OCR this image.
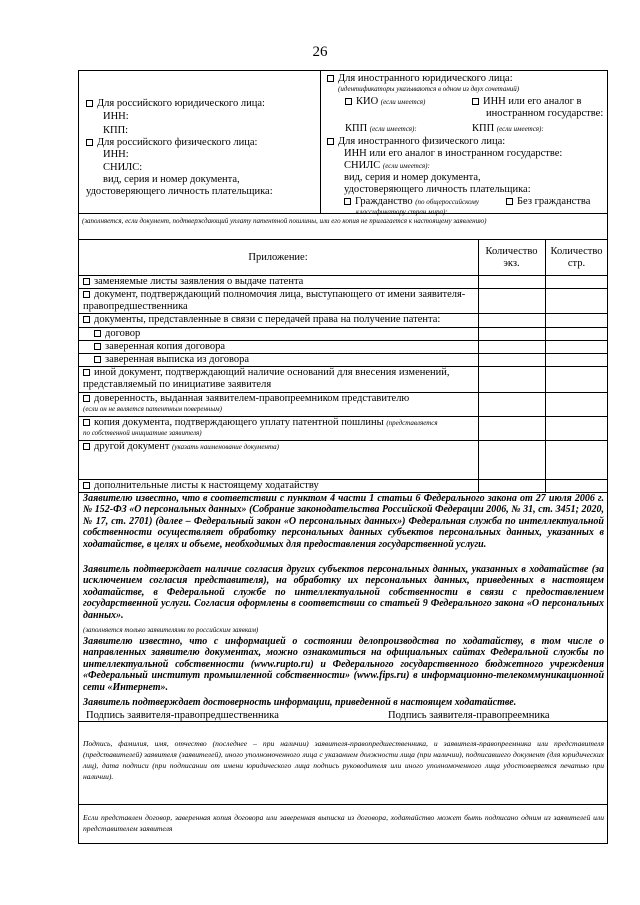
26
Для российского юридического лица:
ИНН:
КПП:
Для российского физического лица:
ИНН:
СНИЛС:
вид, серия и номер документа,
удостоверяющего личность плательщика:
Для иностранного юридического лица:
(идентификаторы указываются в одном из двух сочетаний)
КИО (если имеется)	ИНН или его аналог в
иностранном государстве:
КПП (если имеется):	КПП (если имеется):
Для иностранного физического лица:
ИНН или его аналог в иностранном государстве:
СНИЛС (если имеется):
вид, серия и номер документа,
удостоверяющего личность плательщика:
Гражданство (по общероссийскому	Без гражданства
классификатору стран мира):
(заполняется, если документ, подтверждающий уплату патентной пошлины, или его копия не прилагается к настоящему заявлению)
Приложение:
Количество
экз.
Количество
стр.
заменяемые листы заявления о выдаче патента
документ, подтверждающий полномочия лица, выступающего от имени заявителя-
правопредшественника
документы, представленные в связи с передачей права на получение патента:
договор
заверенная копия договора
заверенная выписка из договора
иной документ, подтверждающий наличие оснований для внесения изменений,
представляемый по инициативе заявителя
доверенность, выданная заявителем-правопреемником представителю
(если он не является патентным поверенным)
копия документа, подтверждающего уплату патентной пошлины (представляется
по собственной инициативе заявителя)
другой документ (указать наименование документа)
дополнительные листы к настоящему ходатайству
Заявителю известно, что в соответствии с пунктом 4 части 1 статьи 6 Федерального закона от 27 июля 2006 г. № 152-ФЗ «О персональных данных» (Собрание законодательства Российской Федерации 2006, № 31, ст. 3451; 2020, № 17, ст. 2701) (далее – Федеральный закон «О персональных данных») Федеральная служба по интеллектуальной собственности осуществляет обработку персональных данных субъектов персональных данных, указанных в ходатайстве, в целях и объеме, необходимых для предоставления государственной услуги.
Заявитель подтверждает наличие согласия других субъектов персональных данных, указанных в ходатайстве (за исключением согласия представителя), на обработку их персональных данных, приведенных в настоящем ходатайстве, в Федеральной службе по интеллектуальной собственности в связи с предоставлением государственной услуги. Согласия оформлены в соответствии со статьей 9 Федерального закона «О персональных данных».
(заполняется только заявителями по российским заявкам)
Заявителю известно, что с информацией о состоянии делопроизводства по ходатайству, в том числе о направленных заявителю документах, можно ознакомиться на официальных сайтах Федеральной службы по интеллектуальной собственности (www.rupto.ru) и Федерального государственного бюджетного учреждения «Федеральный институт промышленной собственности» (www.fips.ru) в информационно-телекоммуникационной сети «Интернет».
Заявитель подтверждает достоверность информации, приведенной в настоящем ходатайстве.
Подпись заявителя-правопредшественника	Подпись заявителя-правопреемника
Подпись, фамилия, имя, отчество (последнее – при наличии) заявителя-правопредшественника, и заявителя-правопреемника или представителя (представителей) заявителя (заявителей), иного уполномоченного лица с указанием должности лица (при наличии), подписавшего документ (для юридических лиц), дата подписи (при подписании от имени юридического лица подпись руководителя или иного уполномоченного лица удостоверяется печатью при наличии).
Если представлен договор, заверенная копия договора или заверенная выписка из договора, ходатайство может быть подписано одним из заявителей или представителем заявителя
